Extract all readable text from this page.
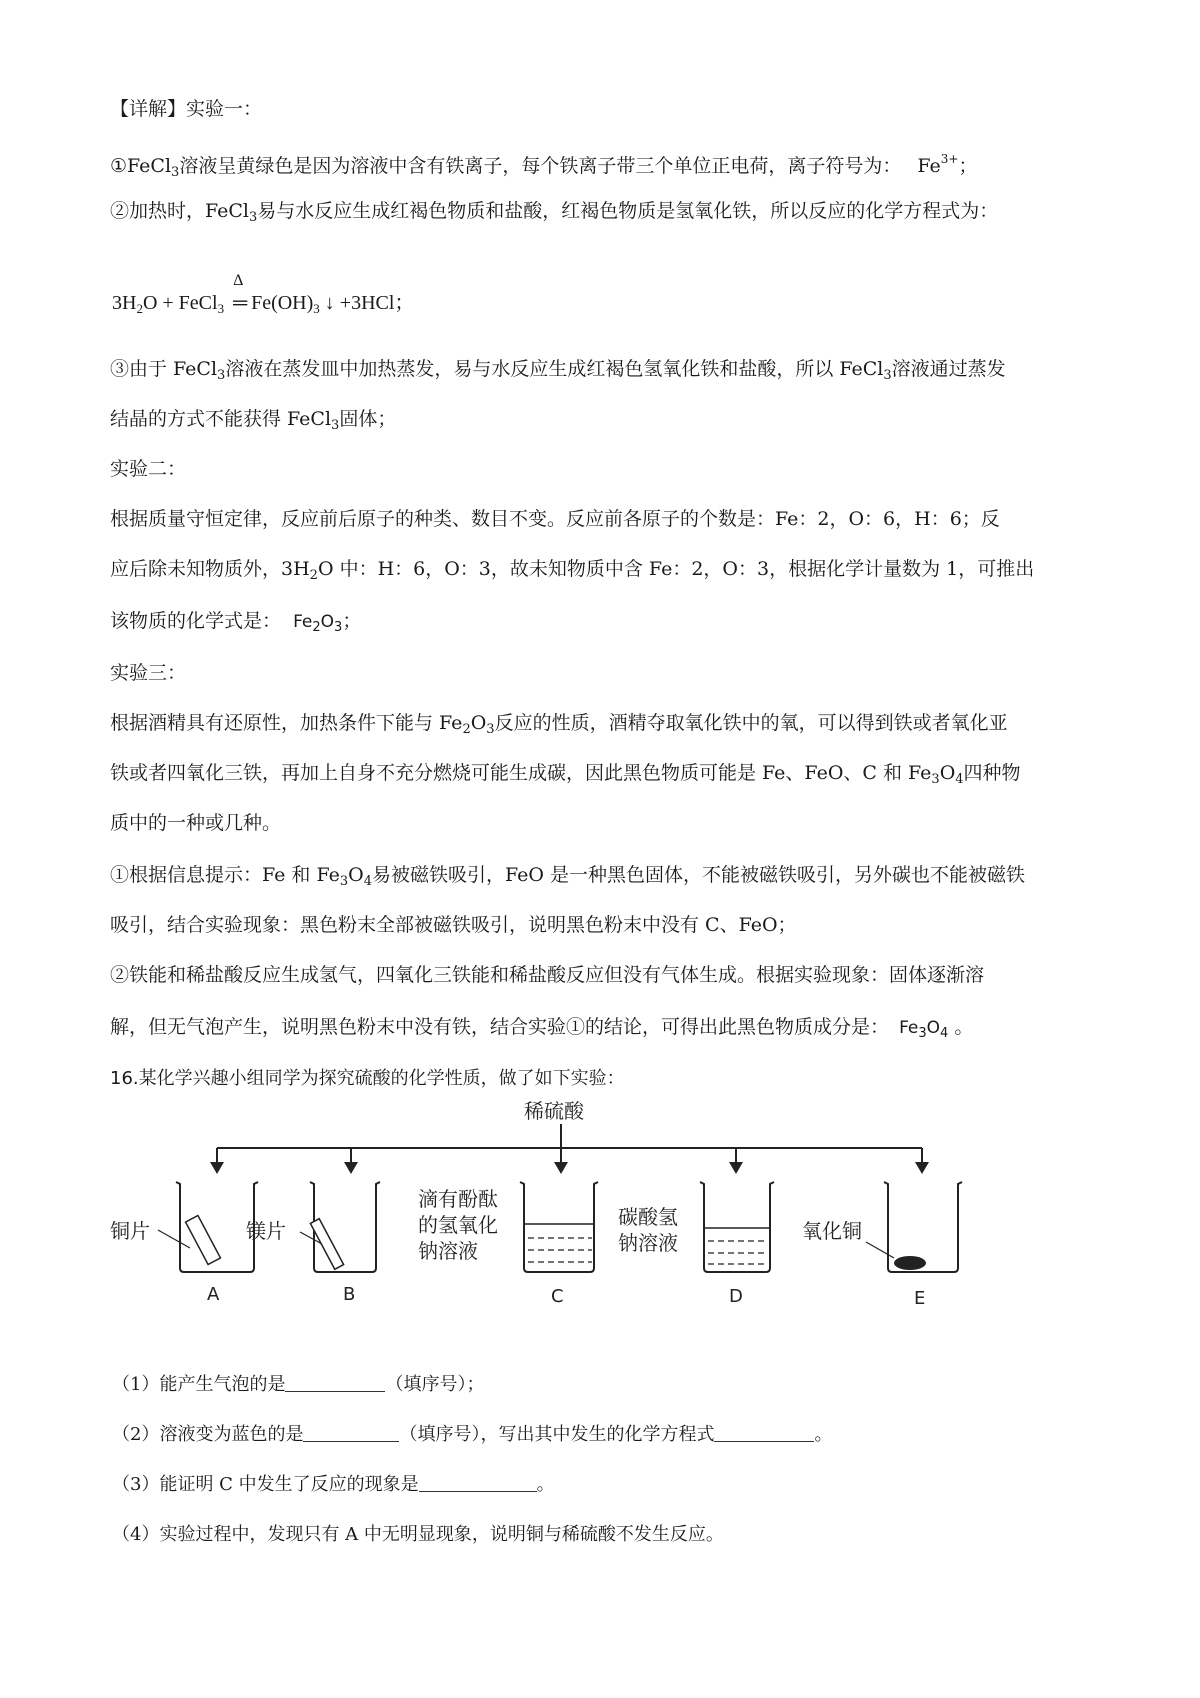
【详解】实验一：
①FeCl$_3$溶液呈黄绿色是因为溶液中含有铁离子，每个铁离子带三个单位正电荷，离子符号为： $Fe^{3+}$；
②加热时，FeCl$_3$易与水反应生成红褐色物质和盐酸，红褐色物质是氢氧化铁，所以反应的化学方程式为：
$3H_2O$ + FeCl$_3$
Δ
═ $Fe(OH)_3$ ↓ +3HCl；
③由于 FeCl$_3$溶液在蒸发皿中加热蒸发，易与水反应生成红褐色氢氧化铁和盐酸，所以 FeCl$_3$溶液通过蒸发
结晶的方式不能获得 FeCl$_3$固体；
实验二：
根据质量守恒定律，反应前后原子的种类、数目不变。反应前各原子的个数是：Fe：2，O：6，H：6；反
应后除未知物质外，$3H_2O$ 中：H：6，O：3，故未知物质中含 Fe：2，O：3，根据化学计量数为 1，可推出
该物质的化学式是： $Fe_2O_3$；
实验三：
根据酒精具有还原性，加热条件下能与 $Fe_2O_3$反应的性质，酒精夺取氧化铁中的氧，可以得到铁或者氧化亚
铁或者四氧化三铁，再加上自身不充分燃烧可能生成碳，因此黑色物质可能是 Fe、FeO、C 和 $Fe_3O_4$四种物
质中的一种或几种。
①根据信息提示：Fe 和 $Fe_3O_4$易被磁铁吸引，FeO 是一种黑色固体，不能被磁铁吸引，另外碳也不能被磁铁
吸引，结合实验现象：黑色粉末全部被磁铁吸引，说明黑色粉末中没有 C、FeO；
②铁能和稀盐酸反应生成氢气，四氧化三铁能和稀盐酸反应但没有气体生成。根据实验现象：固体逐渐溶
解，但无气泡产生，说明黑色粉末中没有铁，结合实验①的结论，可得出此黑色物质成分是： $Fe_3O_4$ 。
16.某化学兴趣小组同学为探究硫酸的化学性质，做了如下实验：
稀硫酸
铜片
A
镁片
B
滴有酚酞
的氢氧化
钠溶液
C
碳酸氢
钠溶液
D
氧化铜
E
（1）能产生气泡的是	（填序号）；
（2）溶液变为蓝色的是	（填序号），写出其中发生的化学方程式	。
（3）能证明 C 中发生了反应的现象是	。
（4）实验过程中，发现只有 A 中无明显现象，说明铜与稀硫酸不发生反应。
